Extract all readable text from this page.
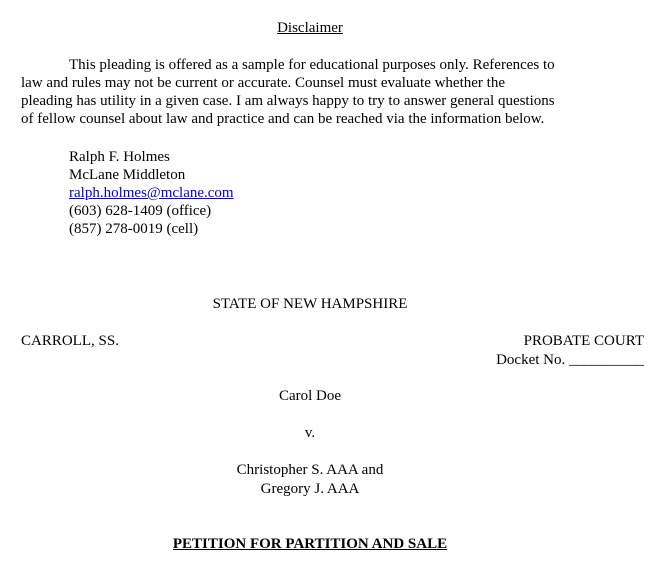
Disclaimer
This pleading is offered as a sample for educational purposes only. References to
law and rules may not be current or accurate. Counsel must evaluate whether the
pleading has utility in a given case. I am always happy to try to answer general questions
of fellow counsel about law and practice and can be reached via the information below.
Ralph F. Holmes
McLane Middleton
ralph.holmes@mclane.com
(603) 628-1409 (office)
(857) 278-0019 (cell)
STATE OF NEW HAMPSHIRE
CARROLL, SS.	PROBATE COURT
Docket No. __________
Carol Doe
v.
Christopher S. AAA and
Gregory J. AAA
PETITION FOR PARTITION AND SALE
